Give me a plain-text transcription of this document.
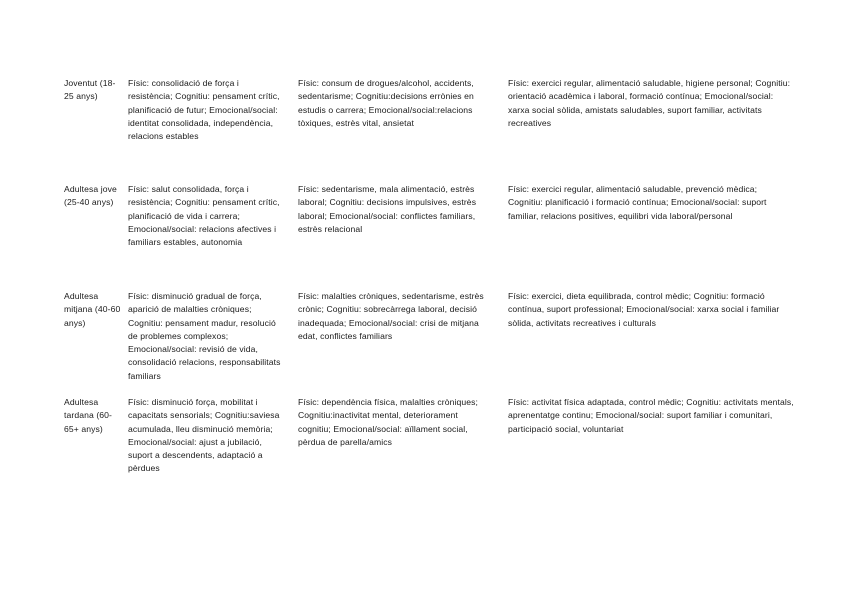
Joventut (18-25 anys)
Físic: consolidació de força i resistència; Cognitiu: pensament crític, planificació de futur; Emocional/social: identitat consolidada, independència, relacions estables
Físic: consum de drogues/alcohol, accidents, sedentarisme; Cognitiu:decisions errònies en estudis o carrera; Emocional/social:relacions tòxiques, estrès vital, ansietat
Físic: exercici regular, alimentació saludable, higiene personal; Cognitiu: orientació acadèmica i laboral, formació contínua; Emocional/social: xarxa social sòlida, amistats saludables, suport familiar, activitats recreatives
Adultesa jove (25-40 anys)
Físic: salut consolidada, força i resistència; Cognitiu: pensament crític, planificació de vida i carrera; Emocional/social: relacions afectives i familiars estables, autonomia
Físic: sedentarisme, mala alimentació, estrès laboral; Cognitiu: decisions impulsives, estrès laboral; Emocional/social: conflictes familiars, estrès relacional
Físic: exercici regular, alimentació saludable, prevenció mèdica; Cognitiu: planificació i formació contínua; Emocional/social: suport familiar, relacions positives, equilibri vida laboral/personal
Adultesa mitjana (40-60 anys)
Físic: disminució gradual de força, aparició de malalties cròniques; Cognitiu: pensament madur, resolució de problemes complexos; Emocional/social: revisió de vida, consolidació relacions, responsabilitats familiars
Físic: malalties cròniques, sedentarisme, estrès crònic; Cognitiu: sobrecàrrega laboral, decisió inadequada; Emocional/social: crisi de mitjana edat, conflictes familiars
Físic: exercici, dieta equilibrada, control mèdic; Cognitiu: formació contínua, suport professional; Emocional/social: xarxa social i familiar sòlida, activitats recreatives i culturals
Adultesa tardana (60-65+ anys)
Físic: disminució força, mobilitat i capacitats sensorials; Cognitiu:saviesa acumulada, lleu disminució memòria; Emocional/social: ajust a jubilació, suport a descendents, adaptació a pèrdues
Físic: dependència física, malalties cròniques; Cognitiu:inactivitat mental, deteriorament cognitiu; Emocional/social: aïllament social, pèrdua de parella/amics
Físic: activitat física adaptada, control mèdic; Cognitiu: activitats mentals, aprenentatge continu; Emocional/social: suport familiar i comunitari, participació social, voluntariat
